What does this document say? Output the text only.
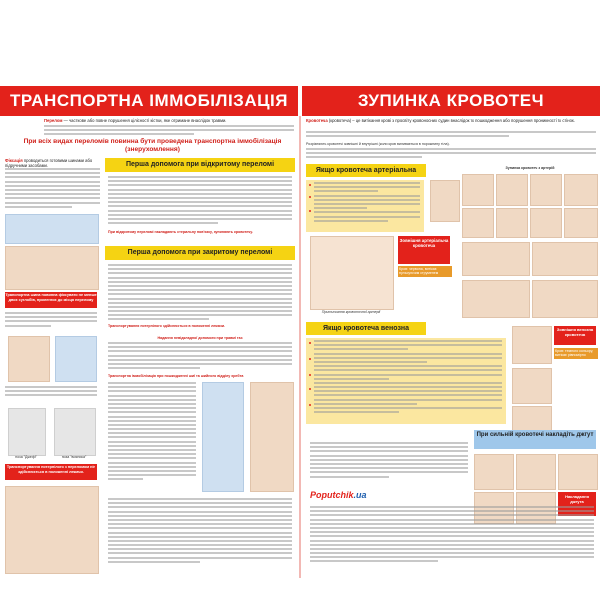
ТРАНСПОРТНА ІММОБІЛІЗАЦІЯ	ЗУПИНКА КРОВОТЕЧ
Перелом — часткове або повне порушення цілісності кістки, яке отримане внаслідок травми.
При всіх видах переломів повинна бути проведена транспортна іммобілізація (знерухомлення)
Фіксація проводиться готовими шинами або підручними засобами.
Транспортна шина повинна фіксувати не менше двох суглобів, прилеглих до місця перелому
поза "Джефі"	поза "вояника"
Транспортування потерпілого з переломом ніг здійснюється в положенні лежачи.
Перша допомога при відкритому переломі
При відкритому переломі накладають стерильну пов'язку, зупиняють кровотечу.
Перша допомога при закритому переломі
Транспортування потерпілого здійснюється в положенні лежачи.
Надання невідкладної допомоги при травмі таз
Транспортна іммобілізація при пошкодженні шиї та шийного відділу хребта
Кровотеча (кровотеча) – це витікання крові з просвіту кровоносних судин внаслідок їх пошкодження або порушення проникності їх стінок.
Розрізняють кровотечі зовнішні й внутрішні (коли кров виливається в порожнину тіла).
Якщо кровотеча артеріальна	Зупинка кровотеч з артерій
Притискання кровоточної артерії
Зовнішня артеріальна кровотеча
Кров: червона, витікає пульсуючим струменем
Якщо кровотеча венозна	Зовнішня венозна кровотеча
Кров: темного кольору, витікає рівномірно
При сильній кровотечі накладіть джгут
Накладання джгута
Poputchik.ua
